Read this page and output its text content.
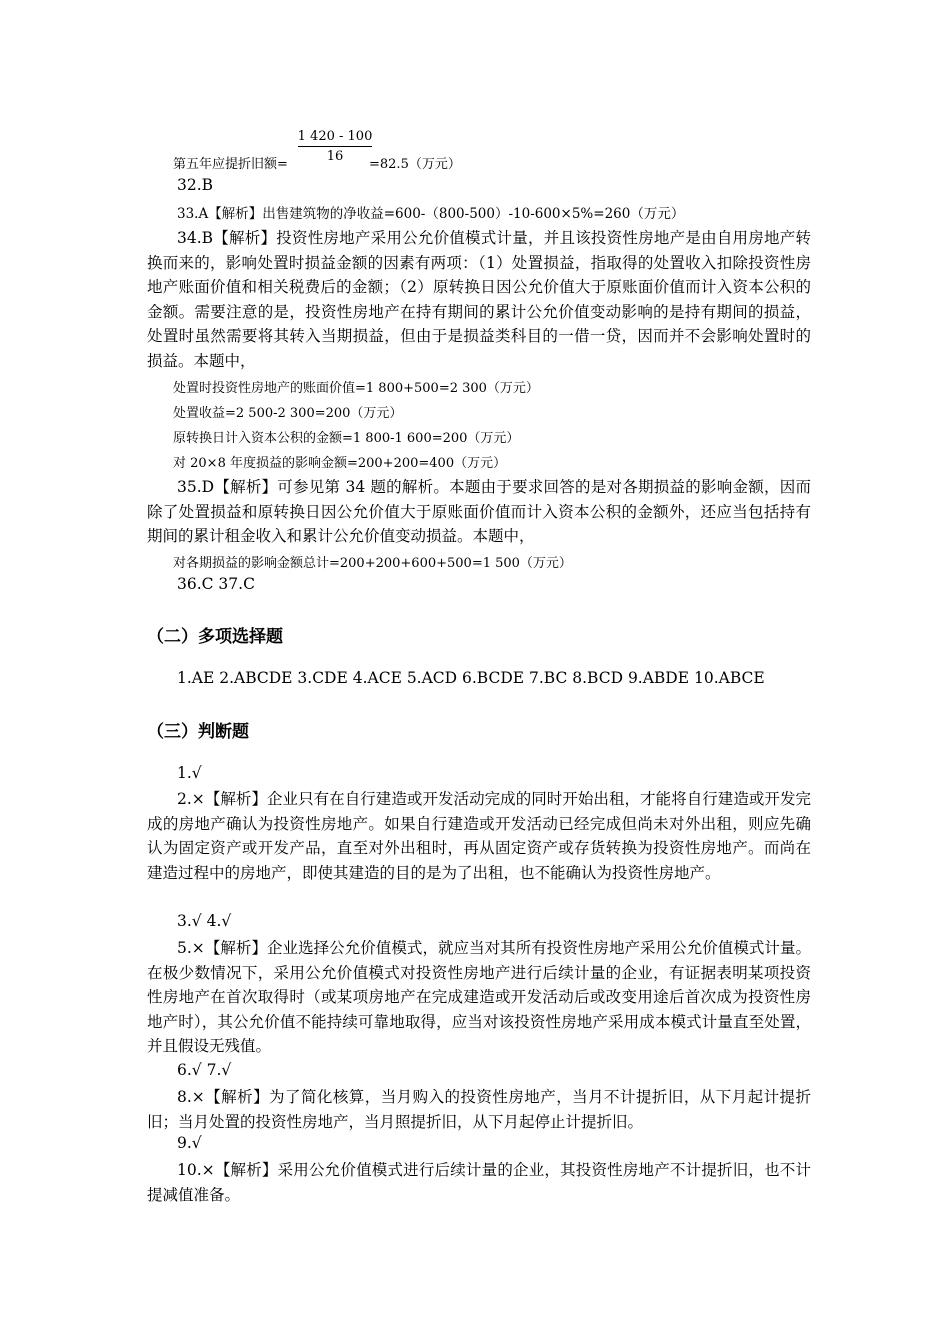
第五年应提折旧额=
1 420 - 100
16
=82.5（万元）
32.B
33.A【解析】出售建筑物的净收益=600-（800-500）-10-600×5%=260（万元）
34.B【解析】投资性房地产采用公允价值模式计量，并且该投资性房地产是由自用房地产转换而来的，影响处置时损益金额的因素有两项：（1）处置损益，指取得的处置收入扣除投资性房地产账面价值和相关税费后的金额；（2）原转换日因公允价值大于原账面价值而计入资本公积的金额。需要注意的是，投资性房地产在持有期间的累计公允价值变动影响的是持有期间的损益，处置时虽然需要将其转入当期损益，但由于是损益类科目的一借一贷，因而并不会影响处置时的损益。本题中，
处置时投资性房地产的账面价值=1 800+500=2 300（万元）
处置收益=2 500-2 300=200（万元）
原转换日计入资本公积的金额=1 800-1 600=200（万元）
对 20×8 年度损益的影响金额=200+200=400（万元）
35.D【解析】可参见第 34 题的解析。本题由于要求回答的是对各期损益的影响金额，因而除了处置损益和原转换日因公允价值大于原账面价值而计入资本公积的金额外，还应当包括持有期间的累计租金收入和累计公允价值变动损益。本题中，
对各期损益的影响金额总计=200+200+600+500=1 500（万元）
36.C 37.C
（二）多项选择题
1.AE 2.ABCDE 3.CDE 4.ACE 5.ACD 6.BCDE 7.BC 8.BCD 9.ABDE 10.ABCE
（三）判断题
1.√
2.×【解析】企业只有在自行建造或开发活动完成的同时开始出租，才能将自行建造或开发完成的房地产确认为投资性房地产。如果自行建造或开发活动已经完成但尚未对外出租，则应先确认为固定资产或开发产品，直至对外出租时，再从固定资产或存货转换为投资性房地产。而尚在建造过程中的房地产，即使其建造的目的是为了出租，也不能确认为投资性房地产。
3.√ 4.√
5.×【解析】企业选择公允价值模式，就应当对其所有投资性房地产采用公允价值模式计量。在极少数情况下，采用公允价值模式对投资性房地产进行后续计量的企业，有证据表明某项投资性房地产在首次取得时（或某项房地产在完成建造或开发活动后或改变用途后首次成为投资性房地产时），其公允价值不能持续可靠地取得，应当对该投资性房地产采用成本模式计量直至处置，并且假设无残值。
6.√ 7.√
8.×【解析】为了简化核算，当月购入的投资性房地产，当月不计提折旧，从下月起计提折旧；当月处置的投资性房地产，当月照提折旧，从下月起停止计提折旧。
9.√
10.×【解析】采用公允价值模式进行后续计量的企业，其投资性房地产不计提折旧，也不计提减值准备。
